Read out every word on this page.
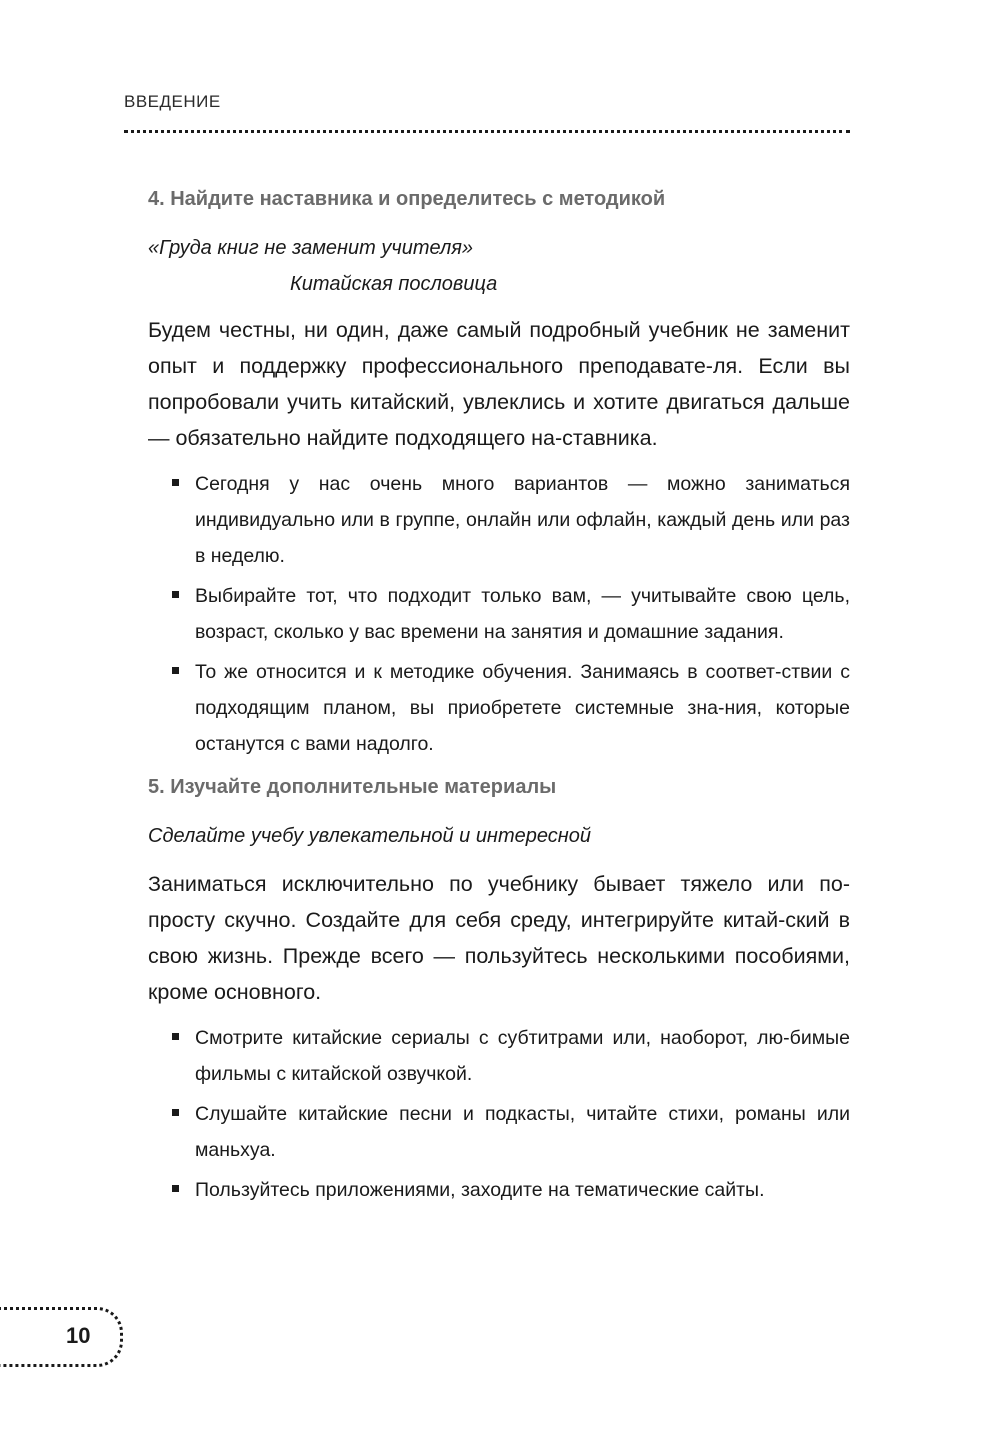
ВВЕДЕНИЕ
4. Найдите наставника и определитесь с методикой
«Груда книг не заменит учителя»
Китайская пословица

Будем честны, ни один, даже самый подробный учебник не заменит опыт и поддержку профессионального преподавате-ля. Если вы попробовали учить китайский, увлеклись и хотите двигаться дальше — обязательно найдите подходящего на-ставника.

Сегодня у нас очень много вариантов — можно заниматься индивидуально или в группе, онлайн или офлайн, каждый день или раз в неделю.
Выбирайте тот, что подходит только вам, — учитывайте свою цель, возраст, сколько у вас времени на занятия и домашние задания.
То же относится и к методике обучения. Занимаясь в соответ-ствии с подходящим планом, вы приобретете системные зна-ния, которые останутся с вами надолго.
5. Изучайте дополнительные материалы
Сделайте учебу увлекательной и интересной

Заниматься исключительно по учебнику бывает тяжело или по-просту скучно. Создайте для себя среду, интегрируйте китай-ский в свою жизнь. Прежде всего — пользуйтесь несколькими пособиями, кроме основного.

Смотрите китайские сериалы с субтитрами или, наоборот, лю-бимые фильмы с китайской озвучкой.
Слушайте китайские песни и подкасты, читайте стихи, романы или маньхуа.
Пользуйтесь приложениями, заходите на тематические сайты.
10
